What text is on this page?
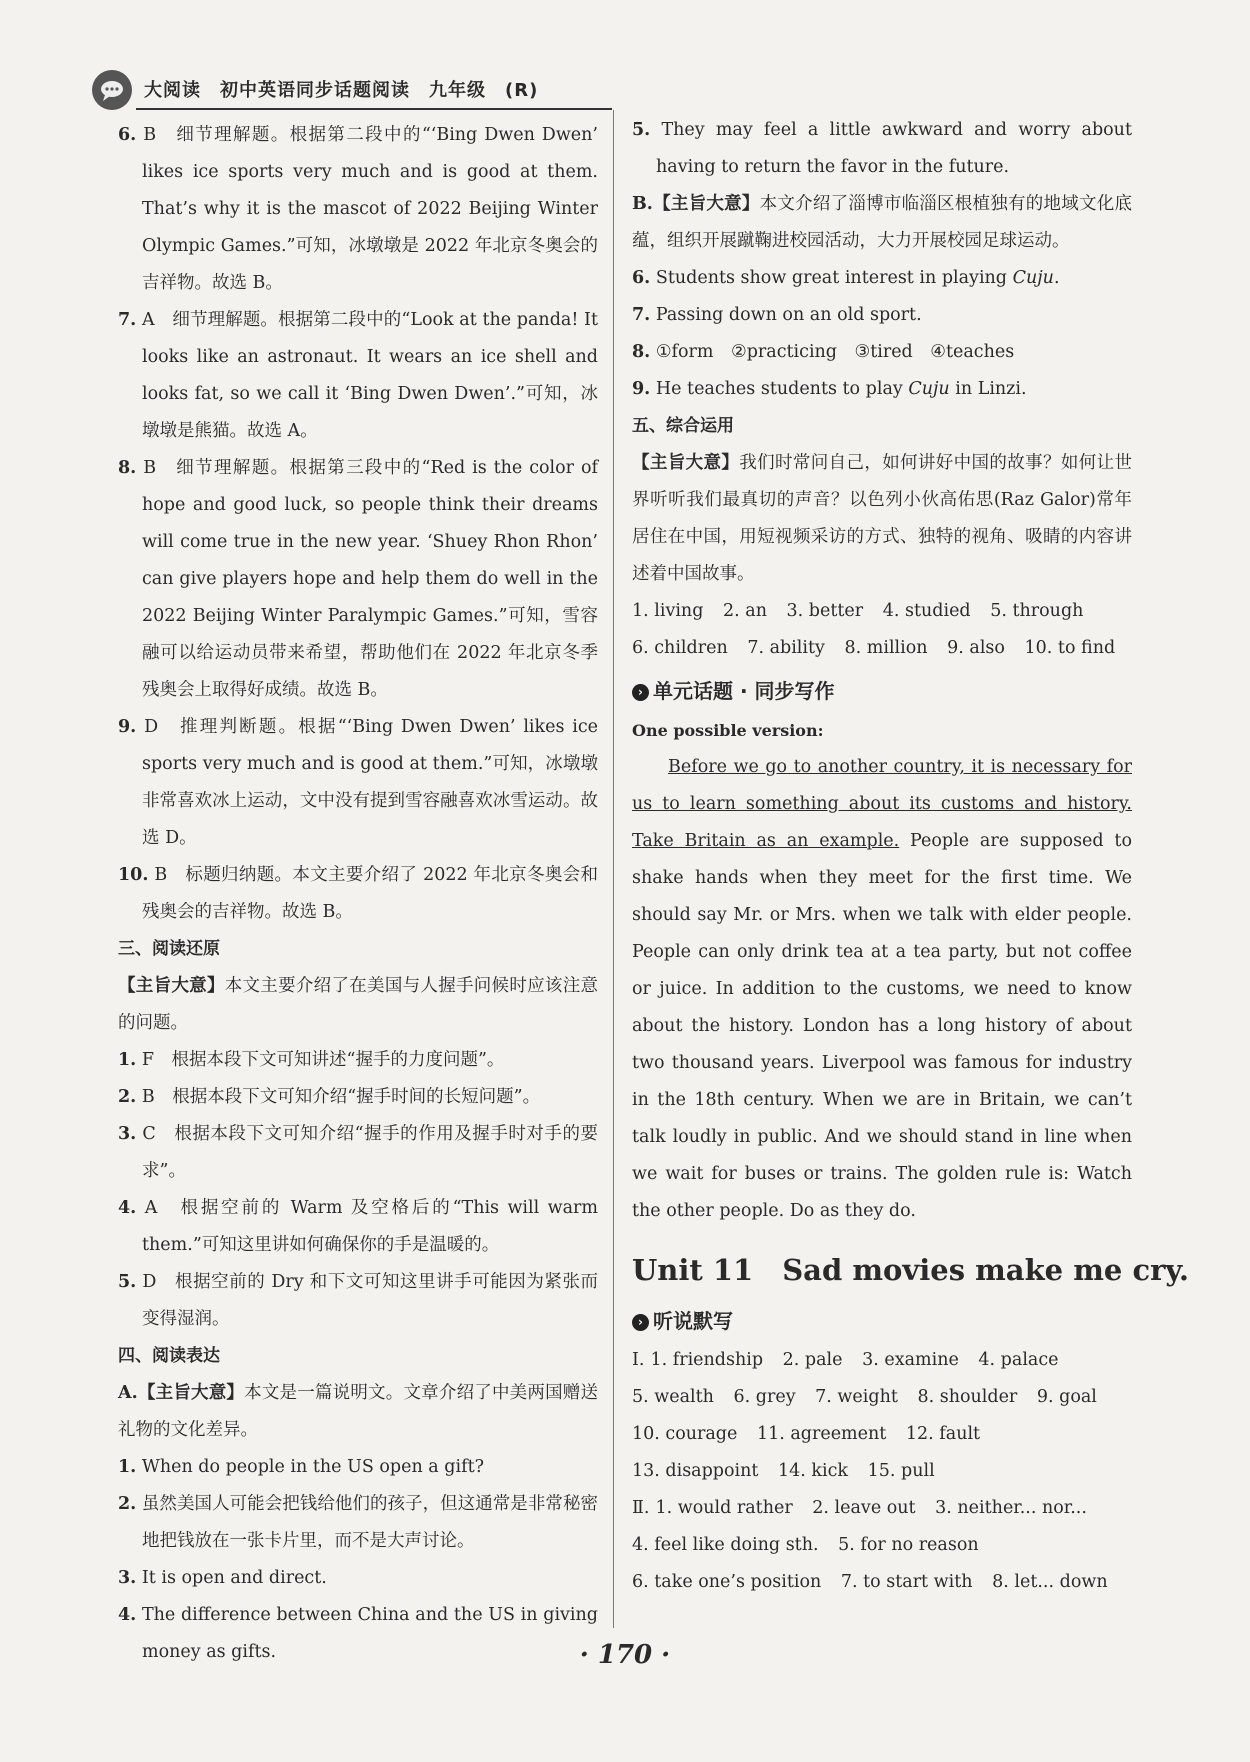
大阅读　初中英语同步话题阅读　九年级　(R)

6. B　细节理解题。根据第二段中的“‘Bing Dwen Dwen’ likes ice sports very much and is good at them. That’s why it is the mascot of 2022 Beijing Winter Olympic Games.”可知，冰墩墩是 2022 年北京冬奥会的吉祥物。故选 B。

7. A　细节理解题。根据第二段中的“Look at the panda! It looks like an astronaut. It wears an ice shell and looks fat, so we call it ‘Bing Dwen Dwen’.”可知，冰墩墩是熊猫。故选 A。

8. B　细节理解题。根据第三段中的“Red is the color of hope and good luck, so people think their dreams will come true in the new year. ‘Shuey Rhon Rhon’ can give players hope and help them do well in the 2022 Beijing Winter Paralympic Games.”可知，雪容融可以给运动员带来希望，帮助他们在 2022 年北京冬季残奥会上取得好成绩。故选 B。

9. D　推理判断题。根据“‘Bing Dwen Dwen’ likes ice sports very much and is good at them.”可知，冰墩墩非常喜欢冰上运动，文中没有提到雪容融喜欢冰雪运动。故选 D。

10. B　标题归纳题。本文主要介绍了 2022 年北京冬奥会和残奥会的吉祥物。故选 B。

三、阅读还原

【主旨大意】本文主要介绍了在美国与人握手问候时应该注意的问题。

1. F　根据本段下文可知讲述“握手的力度问题”。

2. B　根据本段下文可知介绍“握手时间的长短问题”。

3. C　根据本段下文可知介绍“握手的作用及握手时对手的要求”。

4. A　根据空前的 Warm 及空格后的“This will warm them.”可知这里讲如何确保你的手是温暖的。

5. D　根据空前的 Dry 和下文可知这里讲手可能因为紧张而变得湿润。

四、阅读表达

A.【主旨大意】本文是一篇说明文。文章介绍了中美两国赠送礼物的文化差异。

1. When do people in the US open a gift?

2. 虽然美国人可能会把钱给他们的孩子，但这通常是非常秘密地把钱放在一张卡片里，而不是大声讨论。

3. It is open and direct.

4. The difference between China and the US in giving money as gifts.

5. They may feel a little awkward and worry about having to return the favor in the future.

B.【主旨大意】本文介绍了淄博市临淄区根植独有的地域文化底蕴，组织开展蹴鞠进校园活动，大力开展校园足球运动。

6. Students show great interest in playing Cuju.

7. Passing down on an old sport.

8. ①form　②practicing　③tired　④teaches

9. He teaches students to play Cuju in Linzi.

五、综合运用

【主旨大意】我们时常问自己，如何讲好中国的故事？如何让世界听听我们最真切的声音？以色列小伙高佑思(Raz Galor)常年居住在中国，用短视频采访的方式、独特的视角、吸睛的内容讲述着中国故事。

1. living 2. an 3. better 4. studied 5. through

6. children 7. ability 8. million 9. also 10. to find

› 单元话题 · 同步写作

One possible version:

Before we go to another country, it is necessary for us to learn something about its customs and history. Take Britain as an example. People are supposed to shake hands when they meet for the first time. We should say Mr. or Mrs. when we talk with elder people. People can only drink tea at a tea party, but not coffee or juice. In addition to the customs, we need to know about the history. London has a long history of about two thousand years. Liverpool was famous for industry in the 18th century. When we are in Britain, we can’t talk loudly in public. And we should stand in line when we wait for buses or trains. The golden rule is: Watch the other people. Do as they do.

Unit 11　Sad movies make me cry.

› 听说默写

Ⅰ. 1. friendship 2. pale 3. examine 4. palace 5. wealth 6. grey 7. weight 8. shoulder 9. goal 10. courage 11. agreement 12. fault 13. disappoint 14. kick 15. pull

Ⅱ. 1. would rather 2. leave out 3. neither... nor... 4. feel like doing sth. 5. for no reason 6. take one’s position 7. to start with 8. let... down

· 170 ·
